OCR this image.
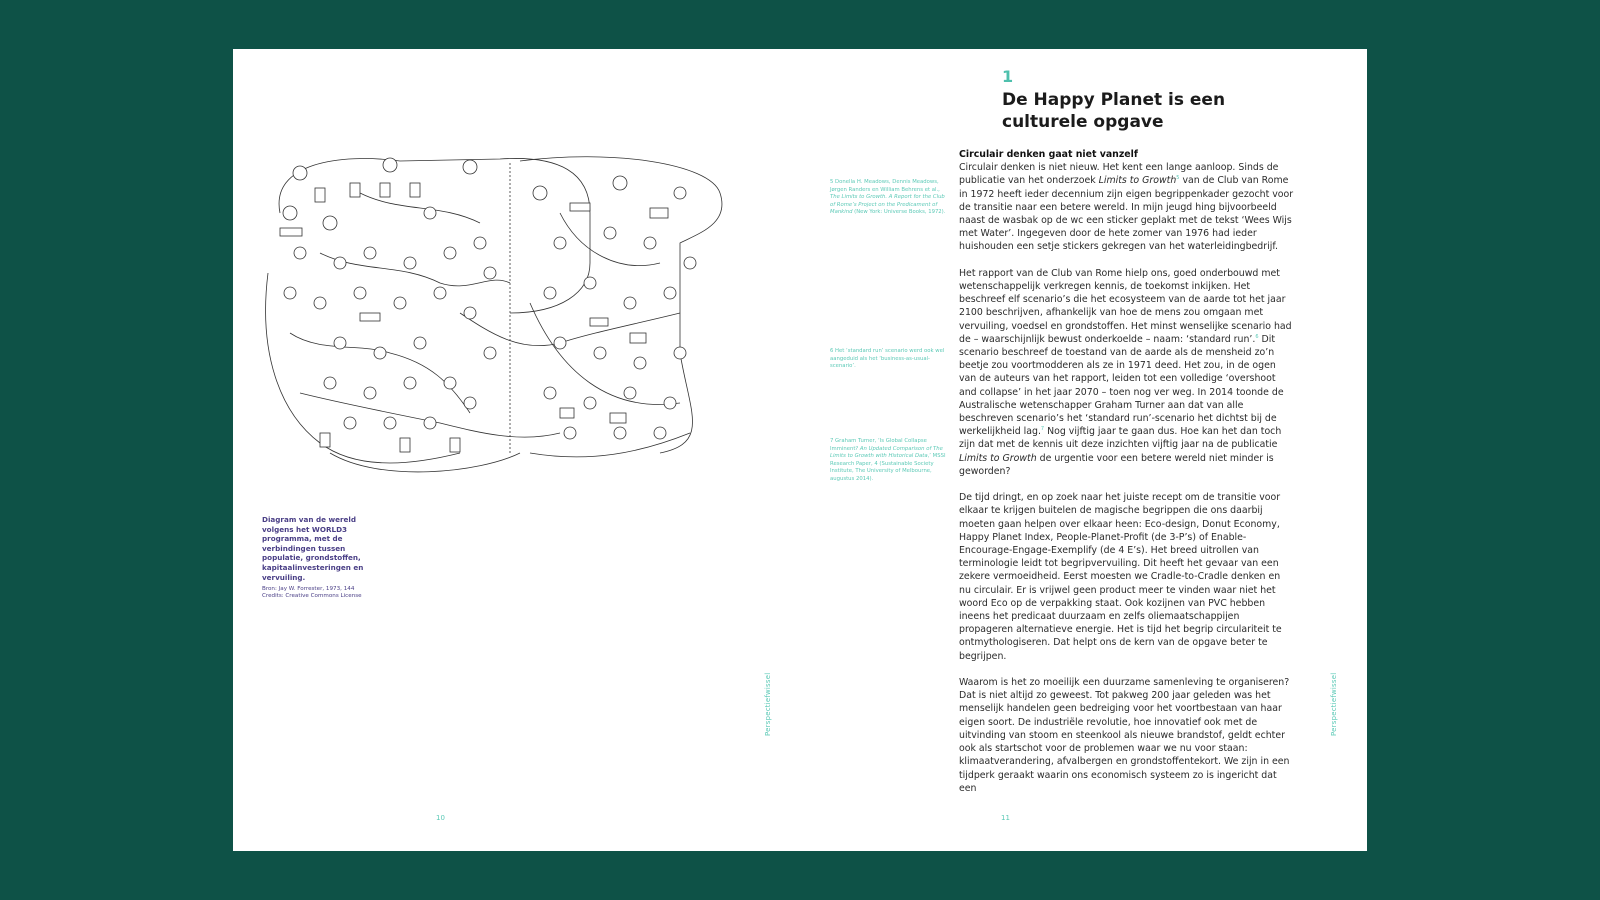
Diagram van de wereld volgens het WORLD3 programma, met de verbindingen tussen populatie, grondstoffen, kapitaalinvesteringen en vervuiling.
Bron: Jay W. Forrester, 1973, 144
Credits: Creative Commons License
Perspectiefwissel
10
5 Donella H. Meadows, Dennis Meadows, Jørgen Randers en William Behrens et al., The Limits to Growth. A Report for the Club of Rome’s Project on the Predicament of Mankind (New York: Universe Books, 1972).
6 Het ‘standard run’ scenario werd ook wel aangeduid als het ‘business-as-usual-scenario’.
7 Graham Turner, ‘Is Global Collapse Imminent? An Updated Comparison of The Limits to Growth with Historical Data,’ MSSI Research Paper, 4 (Sustainable Society Institute, The University of Melbourne, augustus 2014).
1
De Happy Planet is een culturele opgave
Circulair denken gaat niet vanzelf

Circulair denken is niet nieuw. Het kent een lange aanloop. Sinds de publicatie van het onderzoek Limits to Growth$^5$ van de Club van Rome in 1972 heeft ieder decennium zijn eigen begrippenkader gezocht voor de transitie naar een betere wereld. In mijn jeugd hing bijvoorbeeld naast de wasbak op de wc een sticker geplakt met de tekst ‘Wees Wijs met Water’. Ingegeven door de hete zomer van 1976 had ieder huishouden een setje stickers gekregen van het waterleidingbedrijf.

Het rapport van de Club van Rome hielp ons, goed onderbouwd met wetenschappelijk verkregen kennis, de toekomst inkijken. Het beschreef elf scenario’s die het ecosysteem van de aarde tot het jaar 2100 beschrijven, afhankelijk van hoe de mens zou omgaan met vervuiling, voedsel en grondstoffen. Het minst wenselijke scenario had de – waarschijnlijk bewust onderkoelde – naam: ‘standard run’.$^6$ Dit scenario beschreef de toestand van de aarde als de mensheid zo’n beetje zou voortmodderen als ze in 1971 deed. Het zou, in de ogen van de auteurs van het rapport, leiden tot een volledige ‘overshoot and collapse’ in het jaar 2070 – toen nog ver weg. In 2014 toonde de Australische wetenschapper Graham Turner aan dat van alle beschreven scenario’s het ‘standard run’-scenario het dichtst bij de werkelijkheid lag.$^7$ Nog vijftig jaar te gaan dus. Hoe kan het dan toch zijn dat met de kennis uit deze inzichten vijftig jaar na de publicatie Limits to Growth de urgentie voor een betere wereld niet minder is geworden?

De tijd dringt, en op zoek naar het juiste recept om de transitie voor elkaar te krijgen buitelen de magische begrippen die ons daarbij moeten gaan helpen over elkaar heen: Eco-design, Donut Economy, Happy Planet Index, People-Planet-Profit (de 3-P’s) of Enable-Encourage-Engage-Exemplify (de 4 E’s). Het breed uitrollen van terminologie leidt tot begripvervuiling. Dit heeft het gevaar van een zekere vermoeidheid. Eerst moesten we Cradle-to-Cradle denken en nu circulair. Er is vrijwel geen product meer te vinden waar niet het woord Eco op de verpakking staat. Ook kozijnen van PVC hebben ineens het predicaat duurzaam en zelfs oliemaatschappijen propageren alternatieve energie. Het is tijd het begrip circulariteit te ontmythologiseren. Dat helpt ons de kern van de opgave beter te begrijpen.

Waarom is het zo moeilijk een duurzame samenleving te organiseren? Dat is niet altijd zo geweest. Tot pakweg 200 jaar geleden was het menselijk handelen geen bedreiging voor het voortbestaan van haar eigen soort. De industriële revolutie, hoe innovatief ook met de uitvinding van stoom en steenkool als nieuwe brandstof, geldt echter ook als startschot voor de problemen waar we nu voor staan: klimaatverandering, afvalbergen en grondstoffentekort. We zijn in een tijdperk geraakt waarin ons economisch systeem zo is ingericht dat een

Perspectiefwissel
11
